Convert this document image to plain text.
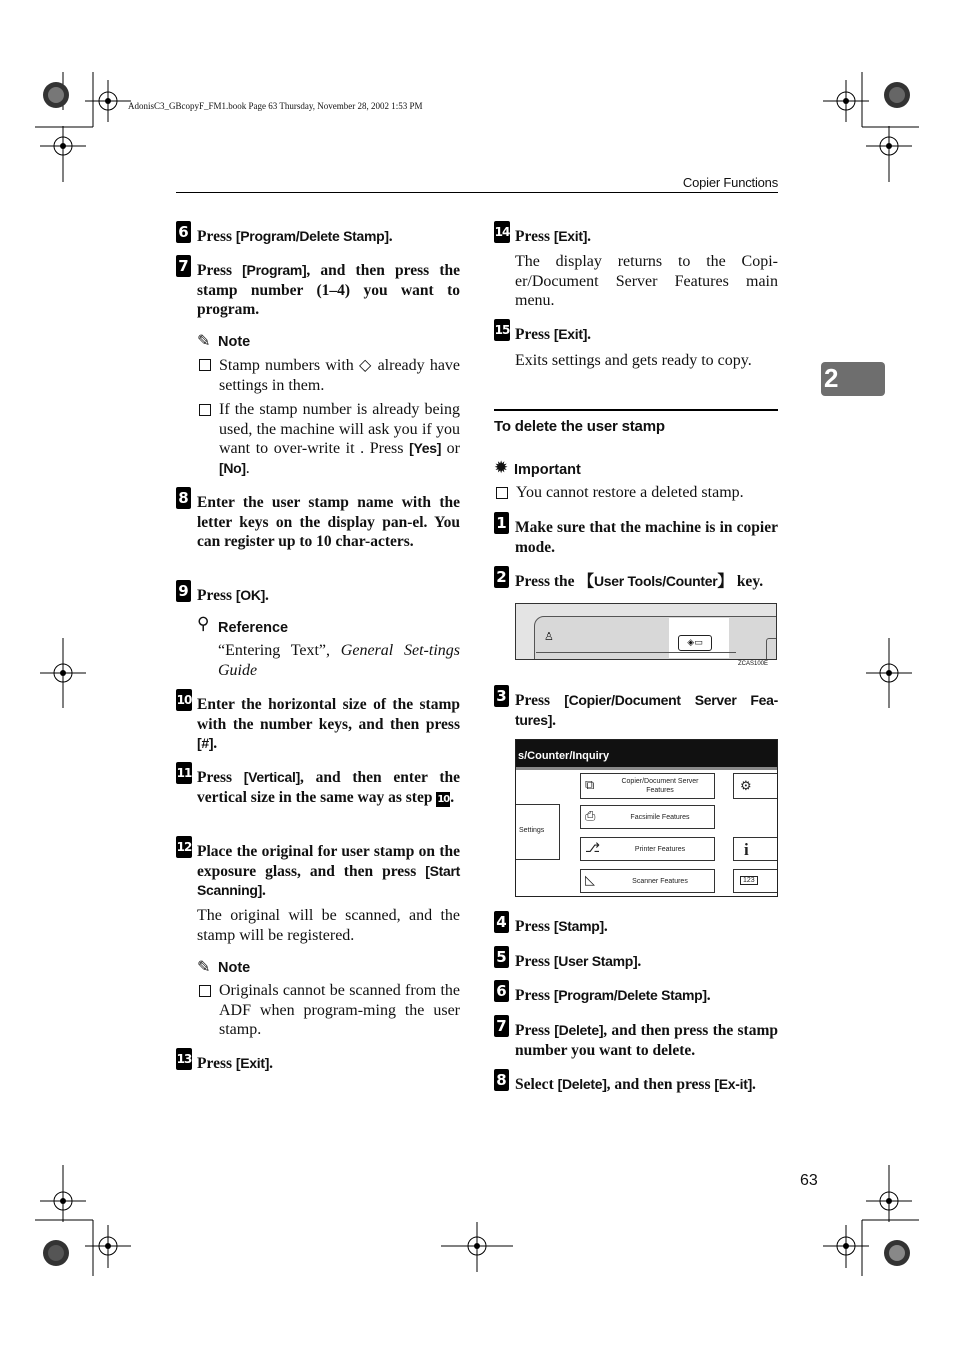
AdonisC3_GBcopyF_FM1.book Page 63 Thursday, November 28, 2002 1:53 PM
Copier Functions
2
6 Press [Program/Delete Stamp].
7 Press [Program], and then press the stamp number (1–4) you want to program.
✎ Note
Stamp numbers with ◇ already have settings in them.
If the stamp number is already being used, the machine will ask you if you want to over-write it . Press [Yes] or [No].
8 Enter the user stamp name with the letter keys on the display pan-el. You can register up to 10 char-acters.
9 Press [OK].
⚲ Reference
“Entering Text”, General Set-tings Guide
10 Enter the horizontal size of the stamp with the number keys, and then press [#].
11 Press [Vertical], and then enter the vertical size in the same way as step 10.
12 Place the original for user stamp on the exposure glass, and then press [Start Scanning].
The original will be scanned, and the stamp will be registered.
✎ Note
Originals cannot be scanned from the ADF when program-ming the user stamp.
13 Press [Exit].
14 Press [Exit].
The display returns to the Copi-er/Document Server Features main menu.
15 Press [Exit].
Exits settings and gets ready to copy.
To delete the user stamp
✹ Important
You cannot restore a deleted stamp.
1 Make sure that the machine is in copier mode.
2 Press the 【User Tools/Counter】 key.
♙	◈▭
ZCAS100E
3 Press [Copier/Document Server Fea-tures].
s/Counter/Inquiry
Settings
⧉	Copier/Document Server Features
⎙	Facsimile Features
⎇	Printer Features
◺	Scanner Features
⚙
i
123
4 Press [Stamp].
5 Press [User Stamp].
6 Press [Program/Delete Stamp].
7 Press [Delete], and then press the stamp number you want to delete.
8 Select [Delete], and then press [Ex-it].
63
